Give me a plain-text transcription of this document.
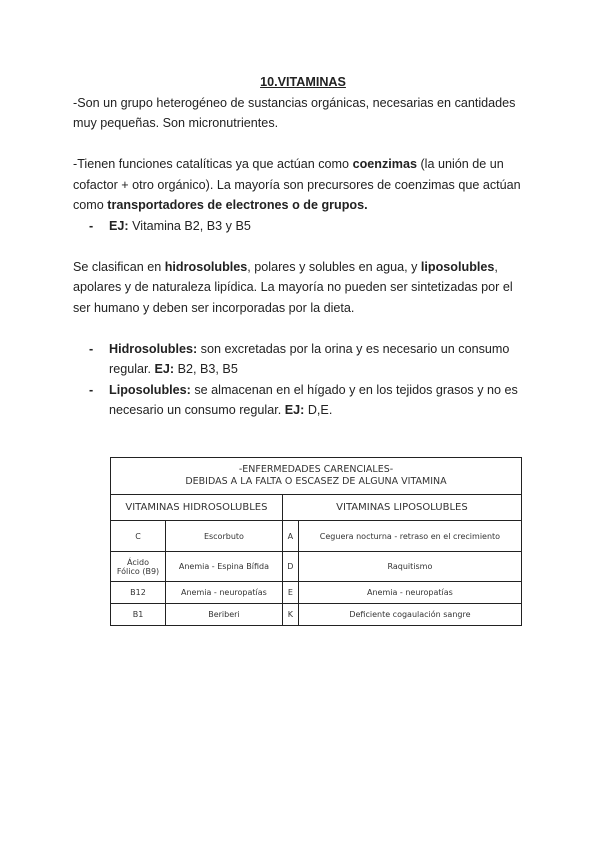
10.VITAMINAS

-Son un grupo heterogéneo de sustancias orgánicas, necesarias en cantidades muy pequeñas. Son micronutrientes.

-Tienen funciones catalíticas ya que actúan como coenzimas (la unión de un cofactor + otro orgánico). La mayoría son precursores de coenzimas que actúan como transportadores de electrones o de grupos.

- EJ: Vitamina B2, B3 y B5

Se clasifican en hidrosolubles, polares y solubles en agua, y liposolubles, apolares y de naturaleza lipídica. La mayoría no pueden ser sintetizadas por el ser humano y deben ser incorporadas por la dieta.

- Hidrosolubles: son excretadas por la orina y es necesario un consumo regular. EJ: B2, B3, B5
- Liposolubles: se almacenan en el hígado y en los tejidos grasos y no es necesario un consumo regular. EJ: D,E.
-ENFERMEDADES CARENCIALES-
DEBIDAS A LA FALTA O ESCASEZ DE ALGUNA VITAMINA			

VITAMINAS HIDROSOLUBLES		VITAMINAS LIPOSOLUBLES	
C	Escorbuto	A	Ceguera nocturna - retraso en el crecimiento
Ácido Fólico (B9)	Anemia - Espina Bífida	D	Raquitismo
B12	Anemia - neuropatías	E	Anemia - neuropatías
B1	Beriberi	K	Deficiente cogaulación sangre
